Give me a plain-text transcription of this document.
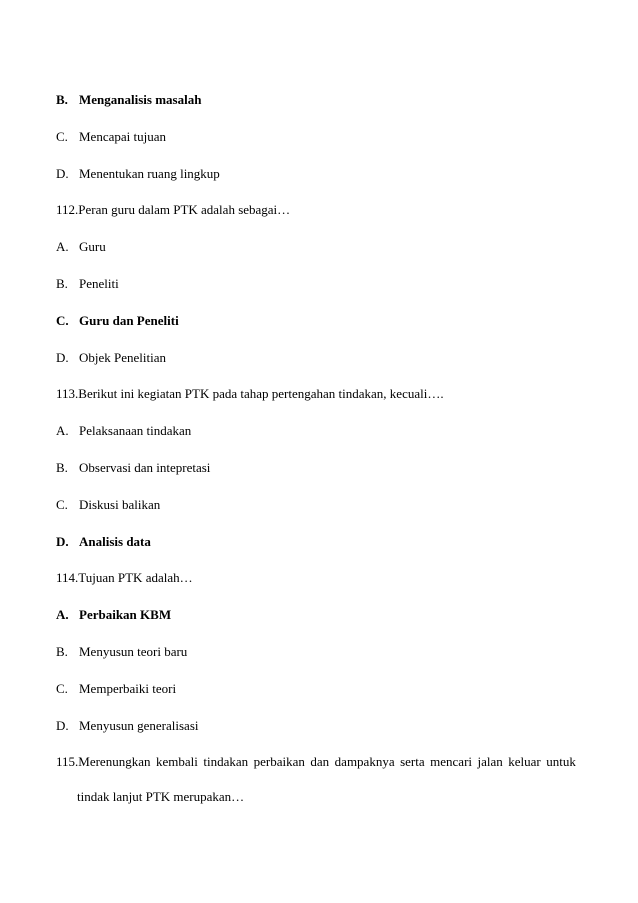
B. Menganalisis masalah
C. Mencapai tujuan
D. Menentukan ruang lingkup
112.Peran guru dalam PTK adalah sebagai…
A. Guru
B. Peneliti
C. Guru dan Peneliti
D. Objek Penelitian
113.Berikut ini kegiatan PTK pada tahap pertengahan tindakan, kecuali….
A. Pelaksanaan tindakan
B. Observasi dan intepretasi
C. Diskusi balikan
D. Analisis data
114.Tujuan PTK adalah…
A. Perbaikan KBM
B. Menyusun teori baru
C. Memperbaiki teori
D. Menyusun generalisasi
115.Merenungkan kembali tindakan perbaikan dan dampaknya serta mencari jalan keluar untuk
tindak lanjut PTK merupakan…
